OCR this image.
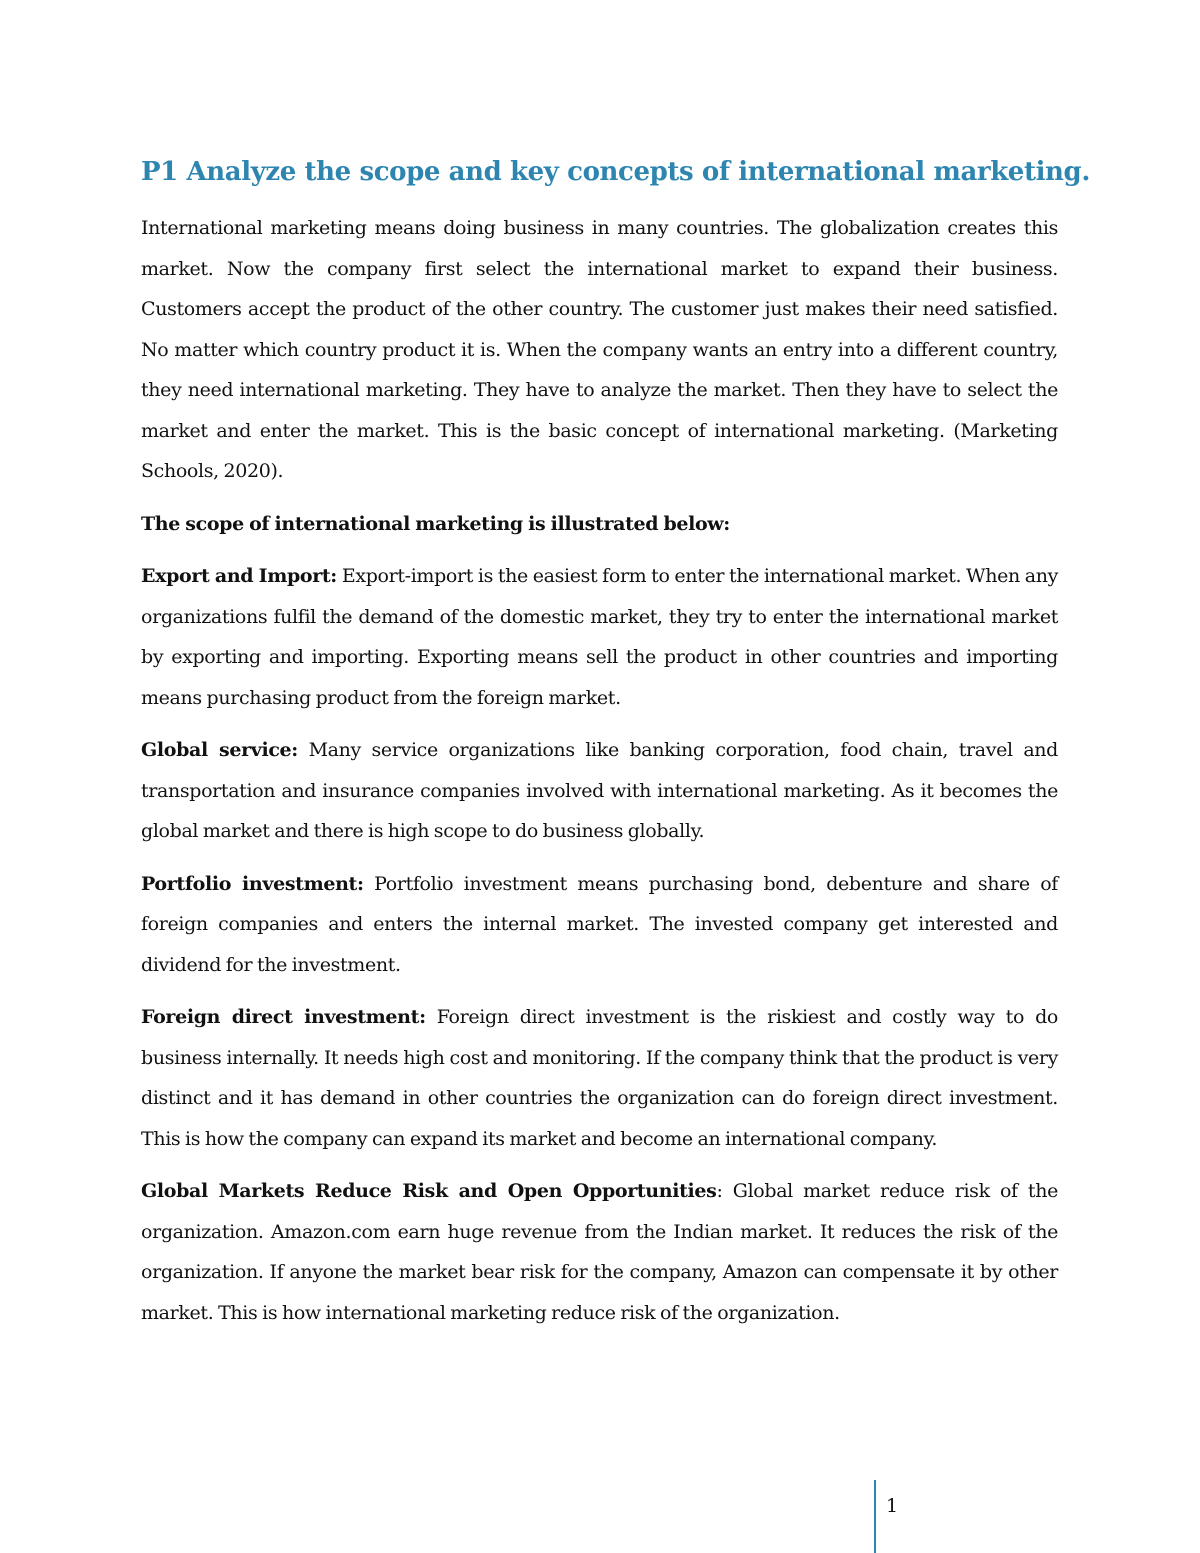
P1 Analyze the scope and key concepts of international marketing.

International marketing means doing business in many countries. The globalization creates this market. Now the company first select the international market to expand their business. Customers accept the product of the other country. The customer just makes their need satisfied. No matter which country product it is. When the company wants an entry into a different country, they need international marketing. They have to analyze the market. Then they have to select the market and enter the market. This is the basic concept of international marketing. (Marketing Schools, 2020).

The scope of international marketing is illustrated below:

Export and Import: Export-import is the easiest form to enter the international market. When any organizations fulfil the demand of the domestic market, they try to enter the international market by exporting and importing. Exporting means sell the product in other countries and importing means purchasing product from the foreign market.

Global service: Many service organizations like banking corporation, food chain, travel and transportation and insurance companies involved with international marketing. As it becomes the global market and there is high scope to do business globally.

Portfolio investment: Portfolio investment means purchasing bond, debenture and share of foreign companies and enters the internal market. The invested company get interested and dividend for the investment.

Foreign direct investment: Foreign direct investment is the riskiest and costly way to do business internally. It needs high cost and monitoring. If the company think that the product is very distinct and it has demand in other countries the organization can do foreign direct investment. This is how the company can expand its market and become an international company.

Global Markets Reduce Risk and Open Opportunities: Global market reduce risk of the organization. Amazon.com earn huge revenue from the Indian market. It reduces the risk of the organization. If anyone the market bear risk for the company, Amazon can compensate it by other market. This is how international marketing reduce risk of the organization.

1
